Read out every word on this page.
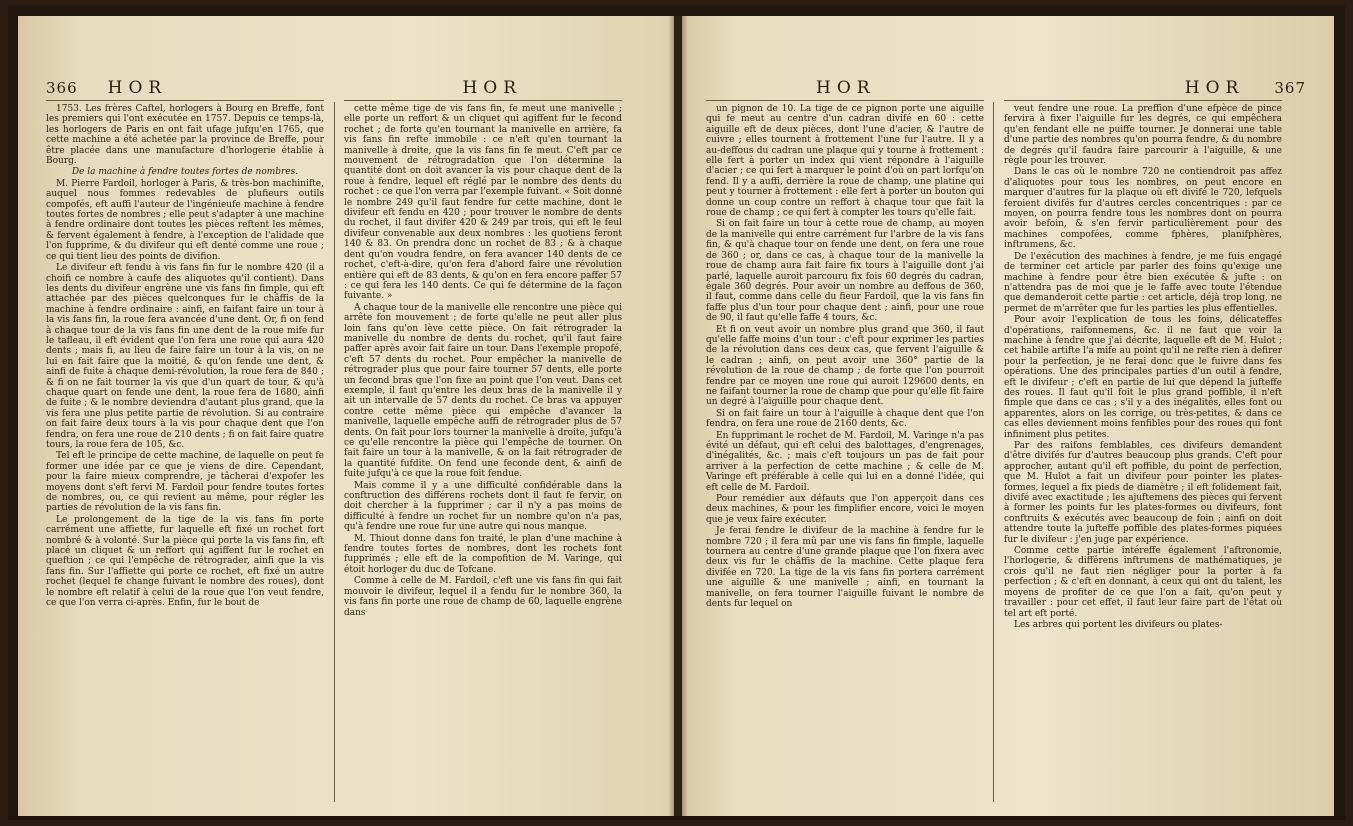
366 HOR	HOR

1753. Les frères Caftel, horlogers à Bourg en Breffe, font les premiers qui l'ont exécutée en 1757. Depuis ce temps-là, les horlogers de Paris en ont fait ufage jufqu'en 1765, que cette machine a été achetée par la province de Breffe, pour être placée dans une manufacture d'horlogerie établie à Bourg.

De la machine à fendre toutes fortes de nombres.

M. Pierre Fardoil, horloger à Paris, & très-bon machinifte, auquel nous fommes redevables de plufieurs outils compofés, eft auffi l'auteur de l'ingénieufe machine à fendre toutes fortes de nombres ; elle peut s'adapter à une machine à fendre ordinaire dont toutes les pièces reftent les mêmes, & fervent également à fendre, à l'exception de l'alidade que l'on fupprime, & du divifeur qui eft denté comme une roue ; ce qui tient lieu des points de divifion.

Le divifeur eft fendu à vis fans fin fur le nombre 420 (il a choifi ce nombre à caufe des aliquotes qu'il contient). Dans les dents du divifeur engrène une vis fans fin fimple, qui eft attachée par des pièces quelconques fur le châffis de la machine à fendre ordinaire : ainfi, en faifant faire un tour à la vis fans fin, la roue fera avancée d'une dent. Or, fi on fend à chaque tour de la vis fans fin une dent de la roue mife fur le tafleau, il eft évident que l'on fera une roue qui aura 420 dents ; mais fi, au lieu de faire faire un tour à la vis, on ne lui en fait faire que la moitié, & qu'on fende une dent, & ainfi de fuite à chaque demi-révolution, la roue fera de 840 ; & fi on ne fait tourner la vis que d'un quart de tour, & qu'à chaque quart on fende une dent, la roue fera de 1680, ainfi de fuite ; & le nombre deviendra d'autant plus grand, que la vis fera une plus petite partie de révolution. Si au contraire on fait faire deux tours à la vis pour chaque dent que l'on fendra, on fera une roue de 210 dents ; fi on fait faire quatre tours, la roue fera de 105, &c.

Tel eft le principe de cette machine, de laquelle on peut fe former une idée par ce que je viens de dire. Cependant, pour la faire mieux comprendre, je tâcherai d'expofer les moyens dont s'eft fervi M. Fardoil pour fendre toutes fortes de nombres, ou, ce qui revient au même, pour régler les parties de révolution de la vis fans fin.

Le prolongement de la tige de la vis fans fin porte carrément une affiette, fur laquelle eft fixé un rochet fort nombré & à volonté. Sur la pièce qui porte la vis fans fin, eft placé un cliquet & un reffort qui agiffent fur le rochet en queftion ; ce qui l'empêche de rétrograder, ainfi que la vis fans fin. Sur l'affiette qui porte ce rochet, eft fixé un autre rochet (lequel fe change fuivant le nombre des roues), dont le nombre eft relatif à celui de la roue que l'on veut fendre, ce que l'on verra ci-après. Enfin, fur le bout de

cette même tige de vis fans fin, fe meut une manivelle ; elle porte un reffort & un cliquet qui agiffent fur le fecond rochet ; de forte qu'en tournant la manivelle en arrière, fa vis fans fin refte immobile : ce n'eft qu'en tournant la manivelle à droite, que la vis fans fin fe meut. C'eft par ce mouvement de rétrogradation que l'on détermine la quantité dont on doit avancer la vis pour chaque dent de la roue à fendre, lequel eft réglé par le nombre des dents du rochet : ce que l'on verra par l'exemple fuivant. « Soit donné le nombre 249 qu'il faut fendre fur cette machine, dont le divifeur eft fendu en 420 ; pour trouver le nombre de dents du rochet, il faut divifer 420 & 249 par trois, qui eft le feul divifeur convenable aux deux nombres : les quotiens feront 140 & 83. On prendra donc un rochet de 83 ; & à chaque dent qu'on voudra fendre, on fera avancer 140 dents de ce rochet, c'eft-à-dire, qu'on fera d'abord faire une révolution entière qui eft de 83 dents, & qu'on en fera encore paffer 57 : ce qui fera les 140 dents. Ce qui fe détermine de la façon fuivante. »

A chaque tour de la manivelle elle rencontre une pièce qui arrête fon mouvement ; de forte qu'elle ne peut aller plus loin fans qu'on lève cette pièce. On fait rétrograder la manivelle du nombre de dents du rochet, qu'il faut faire paffer après avoir fait faire un tour. Dans l'exemple propofé, c'eft 57 dents du rochet. Pour empêcher la manivelle de rétrograder plus que pour faire tourner 57 dents, elle porte un fecond bras que l'on fixe au point que l'on veut. Dans cet exemple, il faut qu'entre les deux bras de la manivelle il y ait un intervalle de 57 dents du rochet. Ce bras va appuyer contre cette même pièce qui empêche d'avancer la manivelle, laquelle empêche auffi de rétrograder plus de 57 dents. On fait pour lors tourner la manivelle à droite, jufqu'à ce qu'elle rencontre la pièce qui l'empêche de tourner. On fait faire un tour à la manivelle, & on la fait rétrograder de la quantité fufdite. On fend une feconde dent, & ainfi de fuite jufqu'à ce que la roue foit fendue.

Mais comme il y a une difficulté confidérable dans la conftruction des différens rochets dont il faut fe fervir, on doit chercher à la fupprimer ; car il n'y a pas moins de difficulté à fendre un rochet fur un nombre qu'on n'a pas, qu'à fendre une roue fur une autre qui nous manque.

M. Thiout donne dans fon traité, le plan d'une machine à fendre toutes fortes de nombres, dont les rochets font fupprimés ; elle eft de la compofition de M. Varinge, qui étoit horloger du duc de Tofcane.

Comme à celle de M. Fardoil, c'eft une vis fans fin qui fait mouvoir le divifeur, lequel il a fendu fur le nombre 360, la vis fans fin porte une roue de champ de 60, laquelle engrène dans

HOR	HOR 367

un pignon de 10. La tige de ce pignon porte une aiguille qui fe meut au centre d'un cadran divifé en 60 : cette aiguille eft de deux pièces, dont l'une d'acier, & l'autre de cuivre ; elles tournent à frottement l'une fur l'autre. Il y a au-deffous du cadran une plaque qui y tourne à frottement : elle fert à porter un index qui vient répondre à l'aiguille d'acier ; ce qui fert à marquer le point d'où on part lorfqu'on fend. Il y a auffi, derrière la roue de champ, une platine qui peut y tourner à frottement : elle fert à porter un bouton qui donne un coup contre un reffort à chaque tour que fait la roue de champ ; ce qui fert à compter les tours qu'elle fait.

Si on fait faire un tour à cette roue de champ, au moyen de la manivelle qui entre carrément fur l'arbre de la vis fans fin, & qu'à chaque tour on fende une dent, on fera une roue de 360 ; or, dans ce cas, à chaque tour de la manivelle la roue de champ aura fait faire fix tours à l'aiguille dont j'ai parlé, laquelle auroit parcouru fix fois 60 degrés du cadran, égale 360 degrés. Pour avoir un nombre au deffous de 360, il faut, comme dans celle du fieur Fardoil, que la vis fans fin faffe plus d'un tour pour chaque dent ; ainfi, pour une roue de 90, il faut qu'elle faffe 4 tours, &c.

Et fi on veut avoir un nombre plus grand que 360, il faut qu'elle faffe moins d'un tour : c'eft pour exprimer les parties de la révolution dans ces deux cas, que fervent l'aiguille & le cadran ; ainfi, on peut avoir une 360° partie de la révolution de la roue de champ ; de forte que l'on pourroit fendre par ce moyen une roue qui auroit 129600 dents, en ne faifant tourner la roue de champ que pour qu'elle fît faire un degré à l'aiguille pour chaque dent.

Si on fait faire un tour à l'aiguille à chaque dent que l'on fendra, on fera une roue de 2160 dents, &c.

En fupprimant le rochet de M. Fardoil, M. Varinge n'a pas évité un défaut, qui eft celui des balottages, d'engrenages, d'inégalités, &c. ; mais c'eft toujours un pas de fait pour arriver à la perfection de cette machine ; & celle de M. Varinge eft préférable à celle qui lui en a donné l'idée, qui eft celle de M. Fardoil.

Pour remédier aux défauts que l'on apperçoit dans ces deux machines, & pour les fimplifier encore, voici le moyen que je veux faire exécuter.

Je ferai fendre le divifeur de la machine à fendre fur le nombre 720 ; il fera mû par une vis fans fin fimple, laquelle tournera au centre d'une grande plaque que l'on fixera avec deux vis fur le châffis de la machine. Cette plaque fera divifée en 720. La tige de la vis fans fin portera carrément une aiguille & une manivelle ; ainfi, en tournant la manivelle, on fera tourner l'aiguille fuivant le nombre de dents fur lequel on

veut fendre une roue. La preffion d'une efpèce de pince fervira à fixer l'aiguille fur les degrés, ce qui empêchera qu'en fendant elle ne puiffe tourner. Je donnerai une table d'une partie des nombres qu'on pourra fendre, & du nombre de degrés qu'il faudra faire parcourir à l'aiguille, & une règle pour les trouver.

Dans le cas où le nombre 720 ne contiendroit pas affez d'aliquotes pour tous les nombres, on peut encore en marquer d'autres fur la plaque où eft divifé le 720, lefquels feroient divifés fur d'autres cercles concentriques : par ce moyen, on pourra fendre tous les nombres dont on pourra avoir befoin, & s'en fervir particulièrement pour des machines compofées, comme fphères, planifphères, inftrumens, &c.

De l'exécution des machines à fendre, je me fuis engagé de terminer cet article par parler des foins qu'exige une machine à fendre pour être bien exécutée & jufte : on n'attendra pas de moi que je le faffe avec toute l'étendue que demanderoit cette partie : cet article, déjà trop long, ne permet de m'arrêter que fur les parties les plus effentielles.

Pour avoir l'explication de tous les foins, délicateffes d'opérations, raifonnemens, &c. il ne faut que voir la machine à fendre que j'ai décrite, laquelle eft de M. Hulot ; cet habile artifte l'a mife au point qu'il ne refte rien à defirer pour la perfection, je ne ferai donc que le fuivre dans fes opérations. Une des principales parties d'un outil à fendre, eft le divifeur ; c'eft en partie de lui que dépend la jufteffe des roues. Il faut qu'il foit le plus grand poffible, il n'eft fimple que dans ce cas ; s'il y a des inégalités, elles font ou apparentes, alors on les corrige, ou très-petites, & dans ce cas elles deviennent moins fenfibles pour des roues qui font infiniment plus petites.

Par des raifons femblables, ces divifeurs demandent d'être divifés fur d'autres beaucoup plus grands. C'eft pour approcher, autant qu'il eft poffible, du point de perfection, que M. Hulot a fait un divifeur pour pointer les plates-formes, lequel a fix pieds de diamètre ; il eft folidement fait, divifé avec exactitude ; les ajuftemens des pièces qui fervent à former les points fur les plates-formes ou divifeurs, font conftruits & exécutés avec beaucoup de foin ; ainfi on doit attendre toute la jufteffe poffible des plates-formes piquées fur le divifeur : j'en juge par expérience.

Comme cette partie intéreffe également l'aftronomie, l'horlogerie, & différens inftrumens de mathématiques, je crois qu'il ne faut rien négliger pour la porter à fa perfection ; & c'eft en donnant, à ceux qui ont du talent, les moyens de profiter de ce que l'on a fait, qu'on peut y travailler : pour cet effet, il faut leur faire part de l'état où tel art eft porté.

Les arbres qui portent les divifeurs ou plates-
